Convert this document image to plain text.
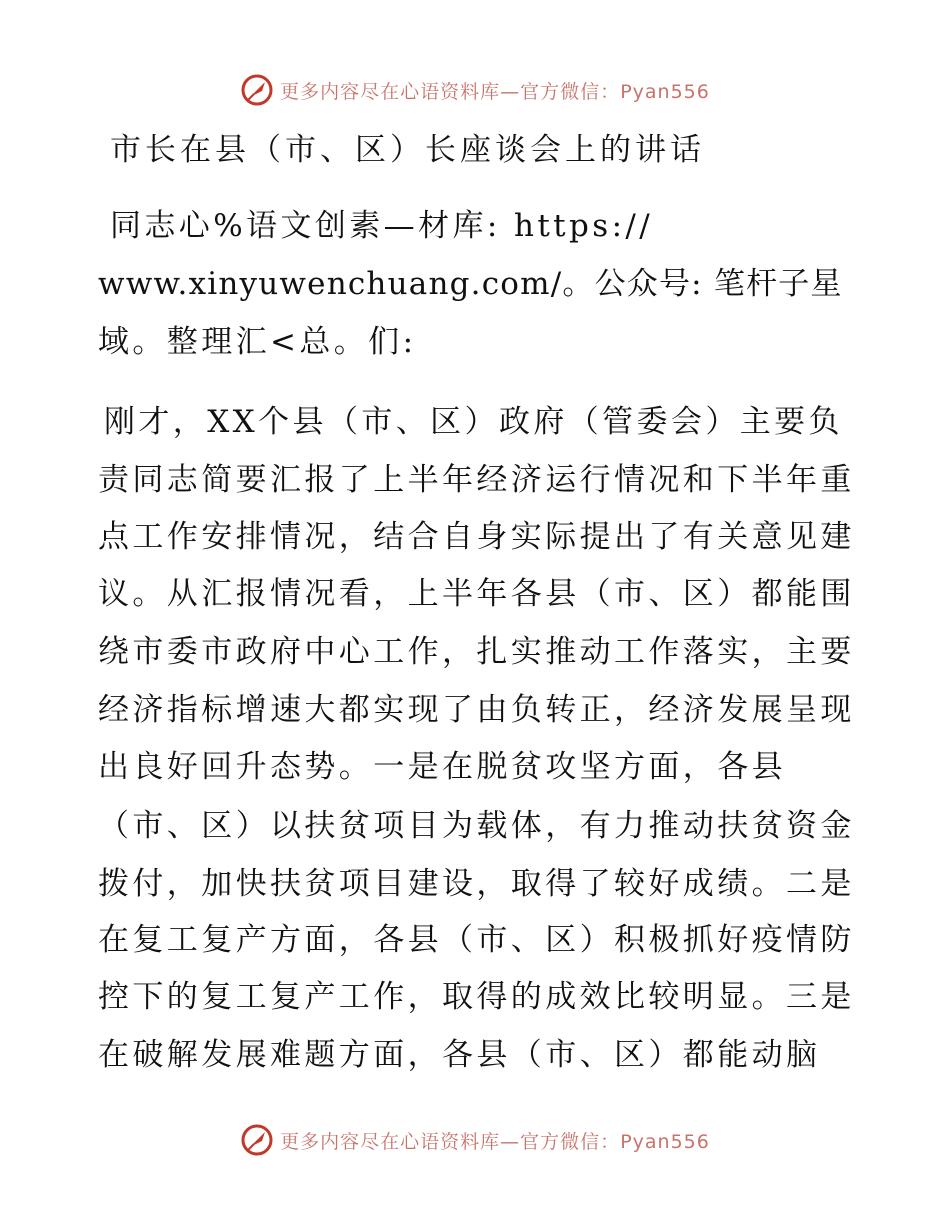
更多内容尽在心语资料库—官方微信：Pyan556
市长在县（市、区）长座谈会上的讲话
同志心%语文创素—材库: https://
www.xinyuwenchuang.com/。公众号: 笔杆子星
域。整理汇<总。们:
刚才，XX个县（市、区）政府（管委会）主要负
责同志简要汇报了上半年经济运行情况和下半年重
点工作安排情况，结合自身实际提出了有关意见建
议。从汇报情况看，上半年各县（市、区）都能围
绕市委市政府中心工作，扎实推动工作落实，主要
经济指标增速大都实现了由负转正，经济发展呈现
出良好回升态势。一是在脱贫攻坚方面，各县
（市、区）以扶贫项目为载体，有力推动扶贫资金
拨付，加快扶贫项目建设，取得了较好成绩。二是
在复工复产方面，各县（市、区）积极抓好疫情防
控下的复工复产工作，取得的成效比较明显。三是
在破解发展难题方面，各县（市、区）都能动脑
更多内容尽在心语资料库—官方微信：Pyan556
